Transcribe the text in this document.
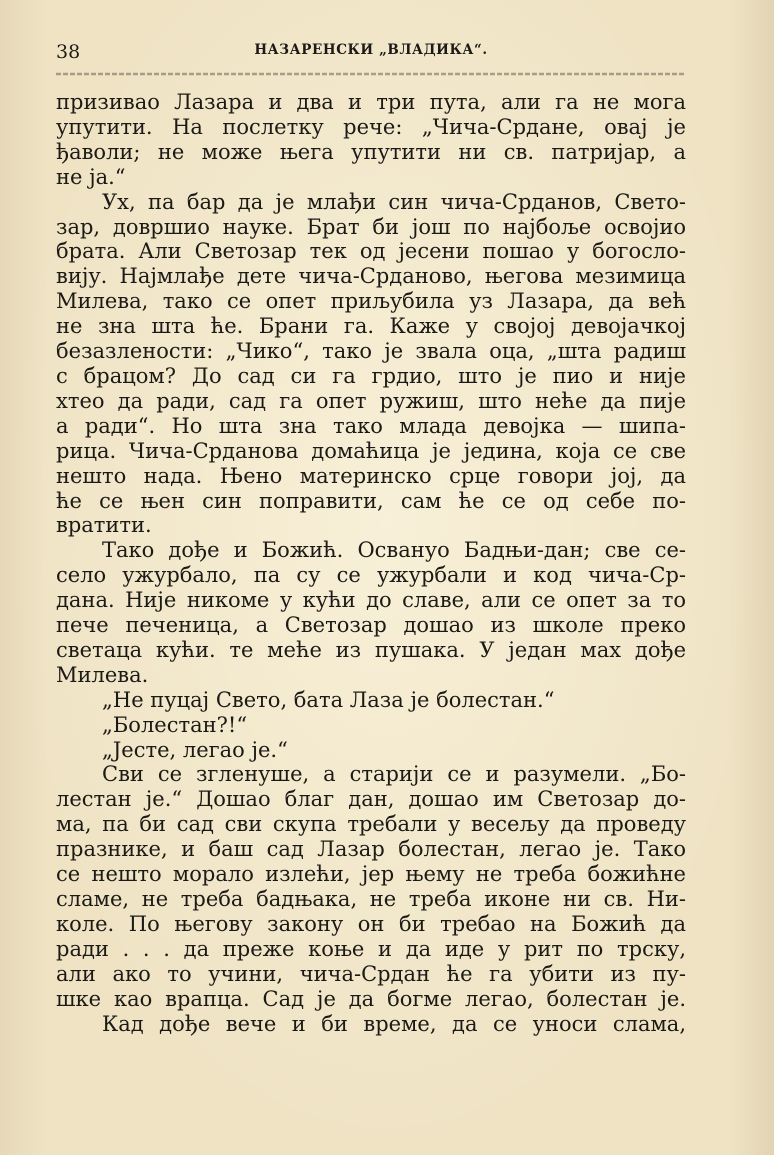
38	НАЗАРЕНСКИ „ВЛАДИКА“.
призивао Лазара и два и три пута, али га не мога
упутити. На послетку рече: „Чича-Срдане, овај је
ђаволи; не може њега упутити ни св. патријар, а
не ја.“
Ух, па бар да је млађи син чича-Срданов, Свето-
зар, довршио науке. Брат би још по најбоље освојио
брата. Али Светозар тек од јесени пошао у богосло-
вију. Најмлађе дете чича-Срданово, његова мезимица
Милева, тако се опет приљубила уз Лазара, да већ
не зна шта ће. Брани га. Каже у својој девојачкој
безазлености: „Чико“, тако је звала оца, „шта радиш
с брацом? До сад си га грдио, што је пио и није
хтео да ради, сад га опет ружиш, што неће да пије
а ради“. Но шта зна тако млада девојка — шипа-
рица. Чича-Срданова домаћица је једина, која се све
нешто нада. Њено материнско срце говори јој, да
ће се њен син поправити, сам ће се од себе по-
вратити.
Тако дође и Божић. Освануо Бадњи-дан; све се-
село ужурбало, па су се ужурбали и код чича-Ср-
дана. Није никоме у кући до славе, али се опет за то
пече печеница, а Светозар дошао из школе преко
светаца кући. те мећe из пушака. У један мах дође
Милева.
„Не пуцај Свето, бата Лаза је болестан.“
„Болестан?!“
„Јесте, легао је.“
Сви се згленуше, а старији се и разумели. „Бо-
лестан је.“ Дошао благ дан, дошао им Светозар до-
ма, па би сад сви скупа требали у весељу да проведу
празнике, и баш сад Лазар болестан, легао је. Тако
се нешто морало излећи, јер њему не треба божићне
сламе, не треба бадњака, не треба иконе ни св. Ни-
коле. По његову закону он би требао на Божић да
ради . . . да преже коње и да иде у рит по трску,
али ако то учини, чича-Срдан ће га убити из пу-
шке као врапца. Сад је да богме легао, болестан је.
Кад дође вече и би време, да се уноси слама,
